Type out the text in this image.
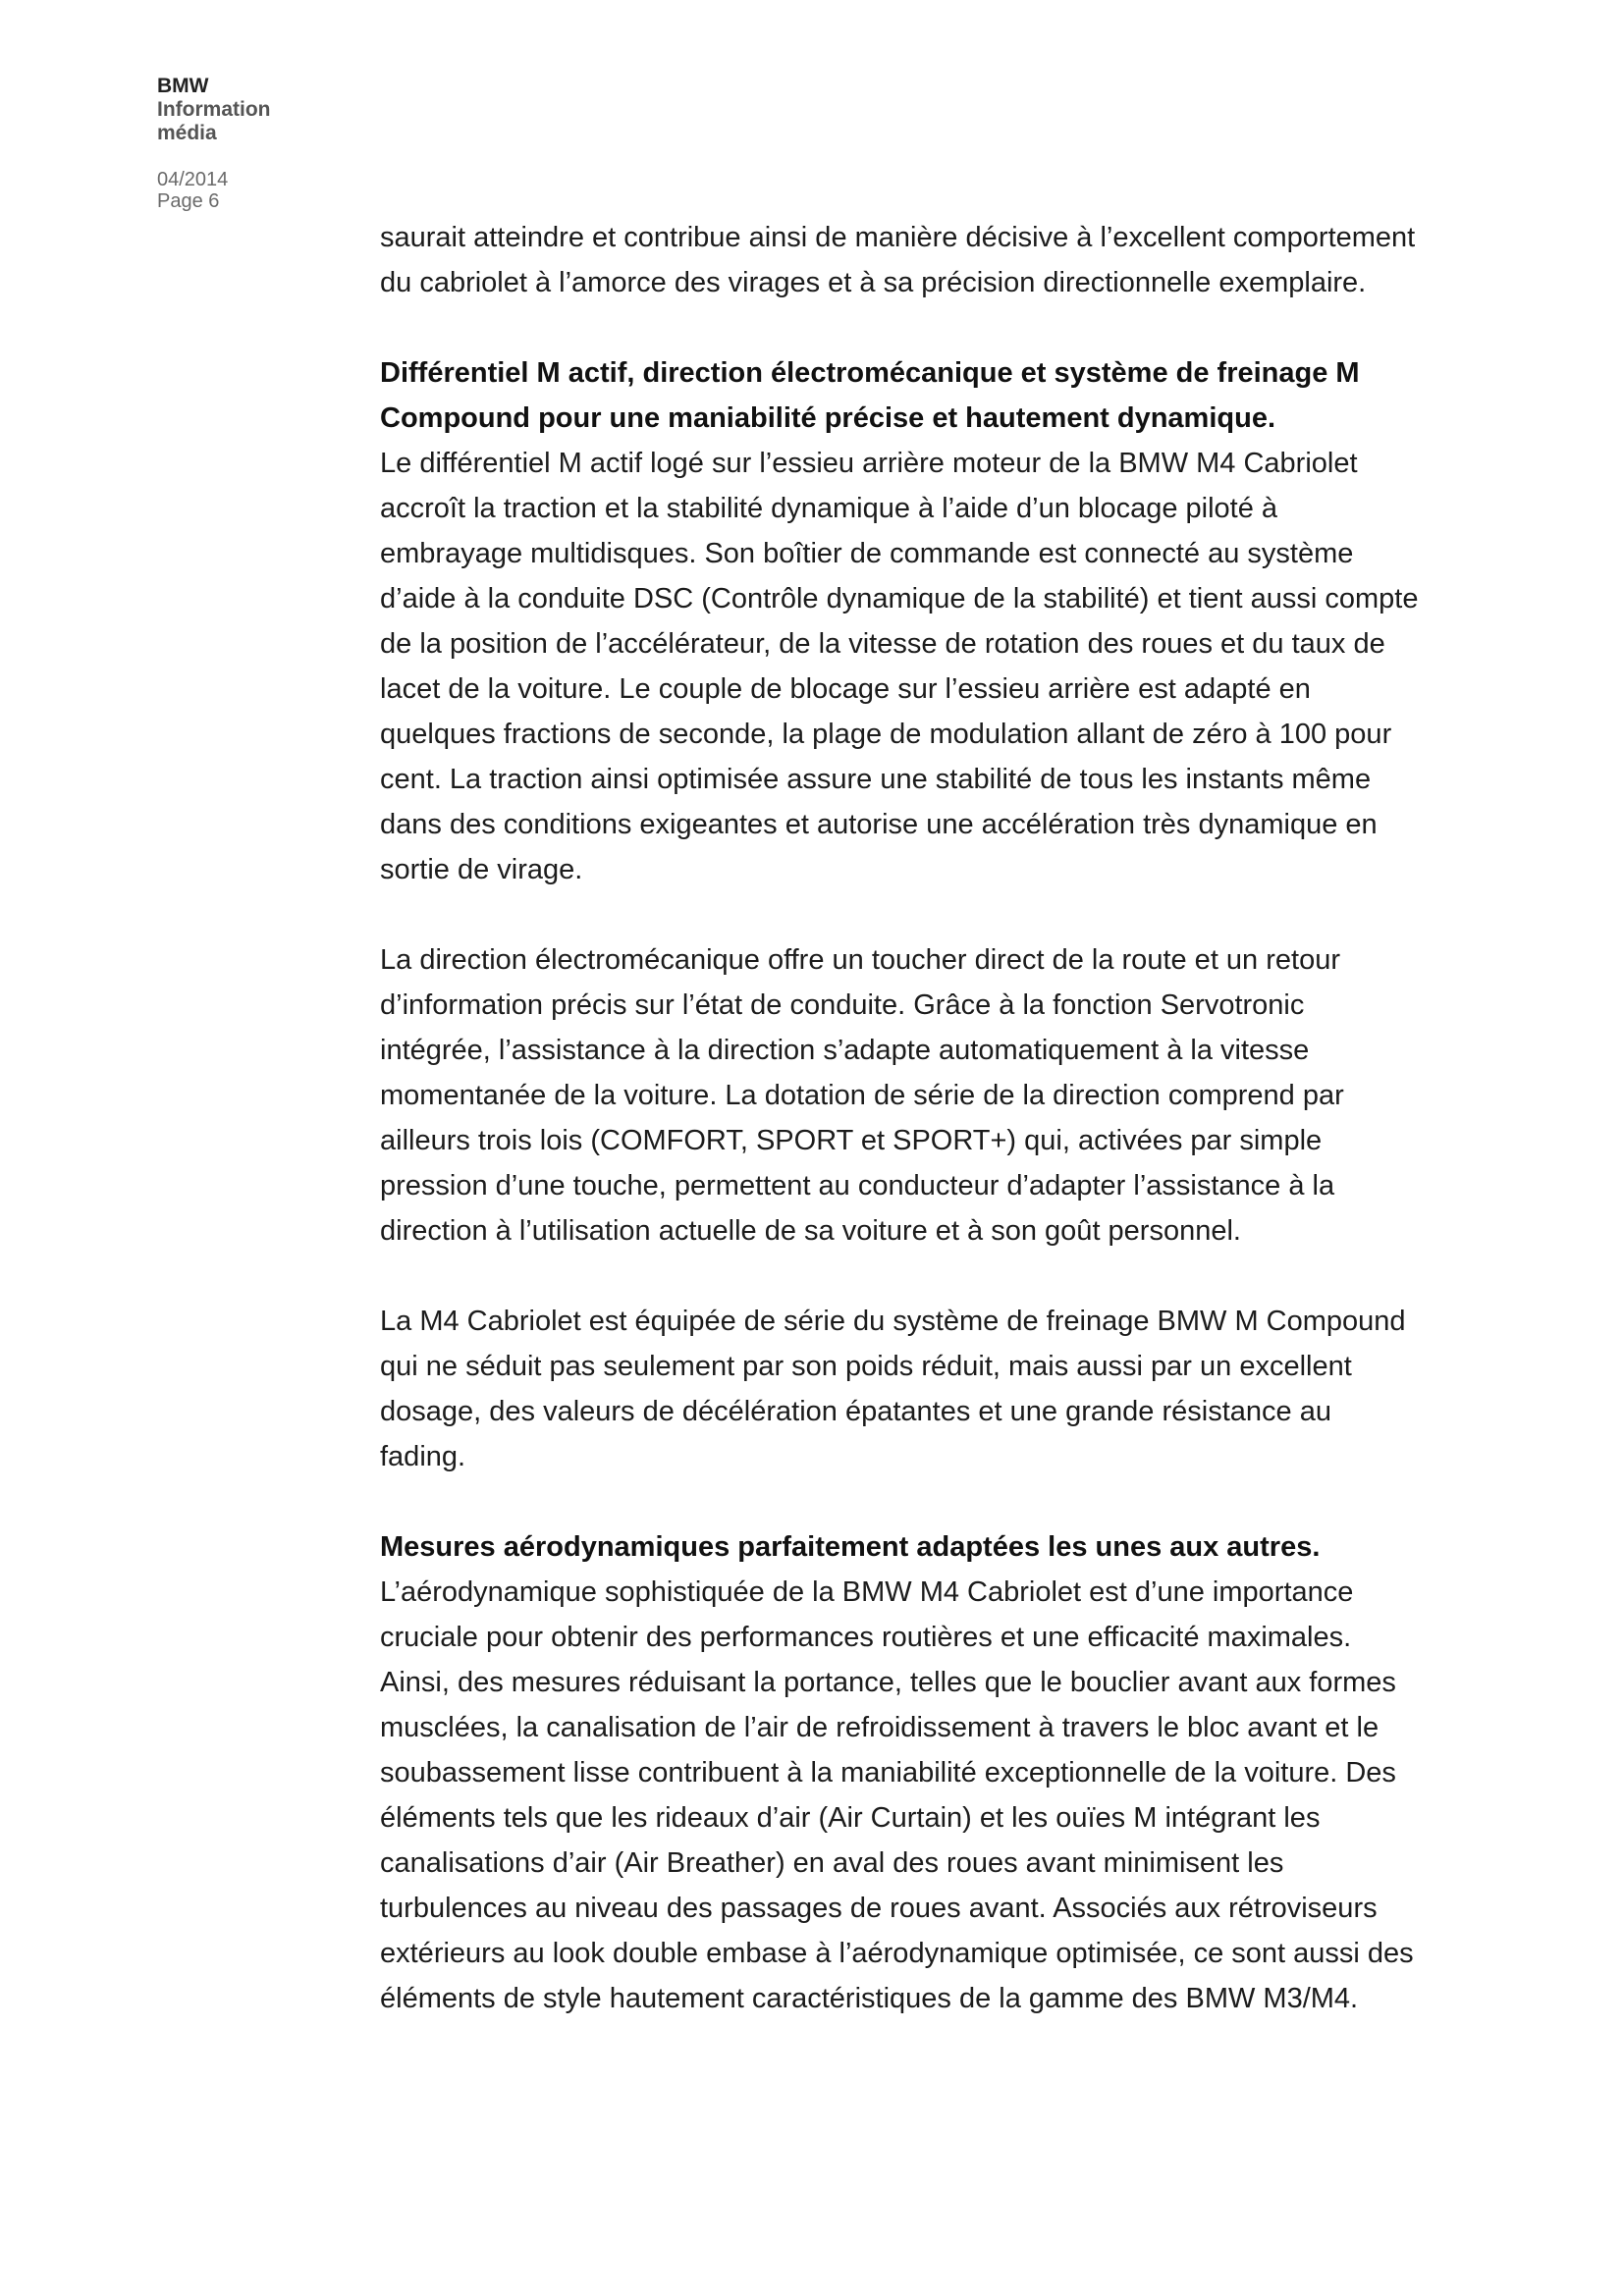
BMW

Information

média

04/2014
Page 6

saurait atteindre et contribue ainsi de manière décisive à l’excellent comportement du cabriolet à l’amorce des virages et à sa précision directionnelle exemplaire.

Différentiel M actif, direction électromécanique et système de freinage M Compound pour une maniabilité précise et hautement dynamique.

Le différentiel M actif logé sur l’essieu arrière moteur de la BMW M4 Cabriolet accroît la traction et la stabilité dynamique à l’aide d’un blocage piloté à embrayage multidisques. Son boîtier de commande est connecté au système d’aide à la conduite DSC (Contrôle dynamique de la stabilité) et tient aussi compte de la position de l’accélérateur, de la vitesse de rotation des roues et du taux de lacet de la voiture. Le couple de blocage sur l’essieu arrière est adapté en quelques fractions de seconde, la plage de modulation allant de zéro à 100 pour cent. La traction ainsi optimisée assure une stabilité de tous les instants même dans des conditions exigeantes et autorise une accélération très dynamique en sortie de virage.

La direction électromécanique offre un toucher direct de la route et un retour d’information précis sur l’état de conduite. Grâce à la fonction Servotronic intégrée, l’assistance à la direction s’adapte automatiquement à la vitesse momentanée de la voiture. La dotation de série de la direction comprend par ailleurs trois lois (COMFORT, SPORT et SPORT+) qui, activées par simple pression d’une touche, permettent au conducteur d’adapter l’assistance à la direction à l’utilisation actuelle de sa voiture et à son goût personnel.

La M4 Cabriolet est équipée de série du système de freinage BMW M Compound qui ne séduit pas seulement par son poids réduit, mais aussi par un excellent dosage, des valeurs de décélération épatantes et une grande résistance au fading.

Mesures aérodynamiques parfaitement adaptées les unes aux autres.

L’aérodynamique sophistiquée de la BMW M4 Cabriolet est d’une importance cruciale pour obtenir des performances routières et une efficacité maximales. Ainsi, des mesures réduisant la portance, telles que le bouclier avant aux formes musclées, la canalisation de l’air de refroidissement à travers le bloc avant et le soubassement lisse contribuent à la maniabilité exceptionnelle de la voiture. Des éléments tels que les rideaux d’air (Air Curtain) et les ouïes M intégrant les canalisations d’air (Air Breather) en aval des roues avant minimisent les turbulences au niveau des passages de roues avant. Associés aux rétroviseurs extérieurs au look double embase à l’aérodynamique optimisée, ce sont aussi des éléments de style hautement caractéristiques de la gamme des BMW M3/M4.
